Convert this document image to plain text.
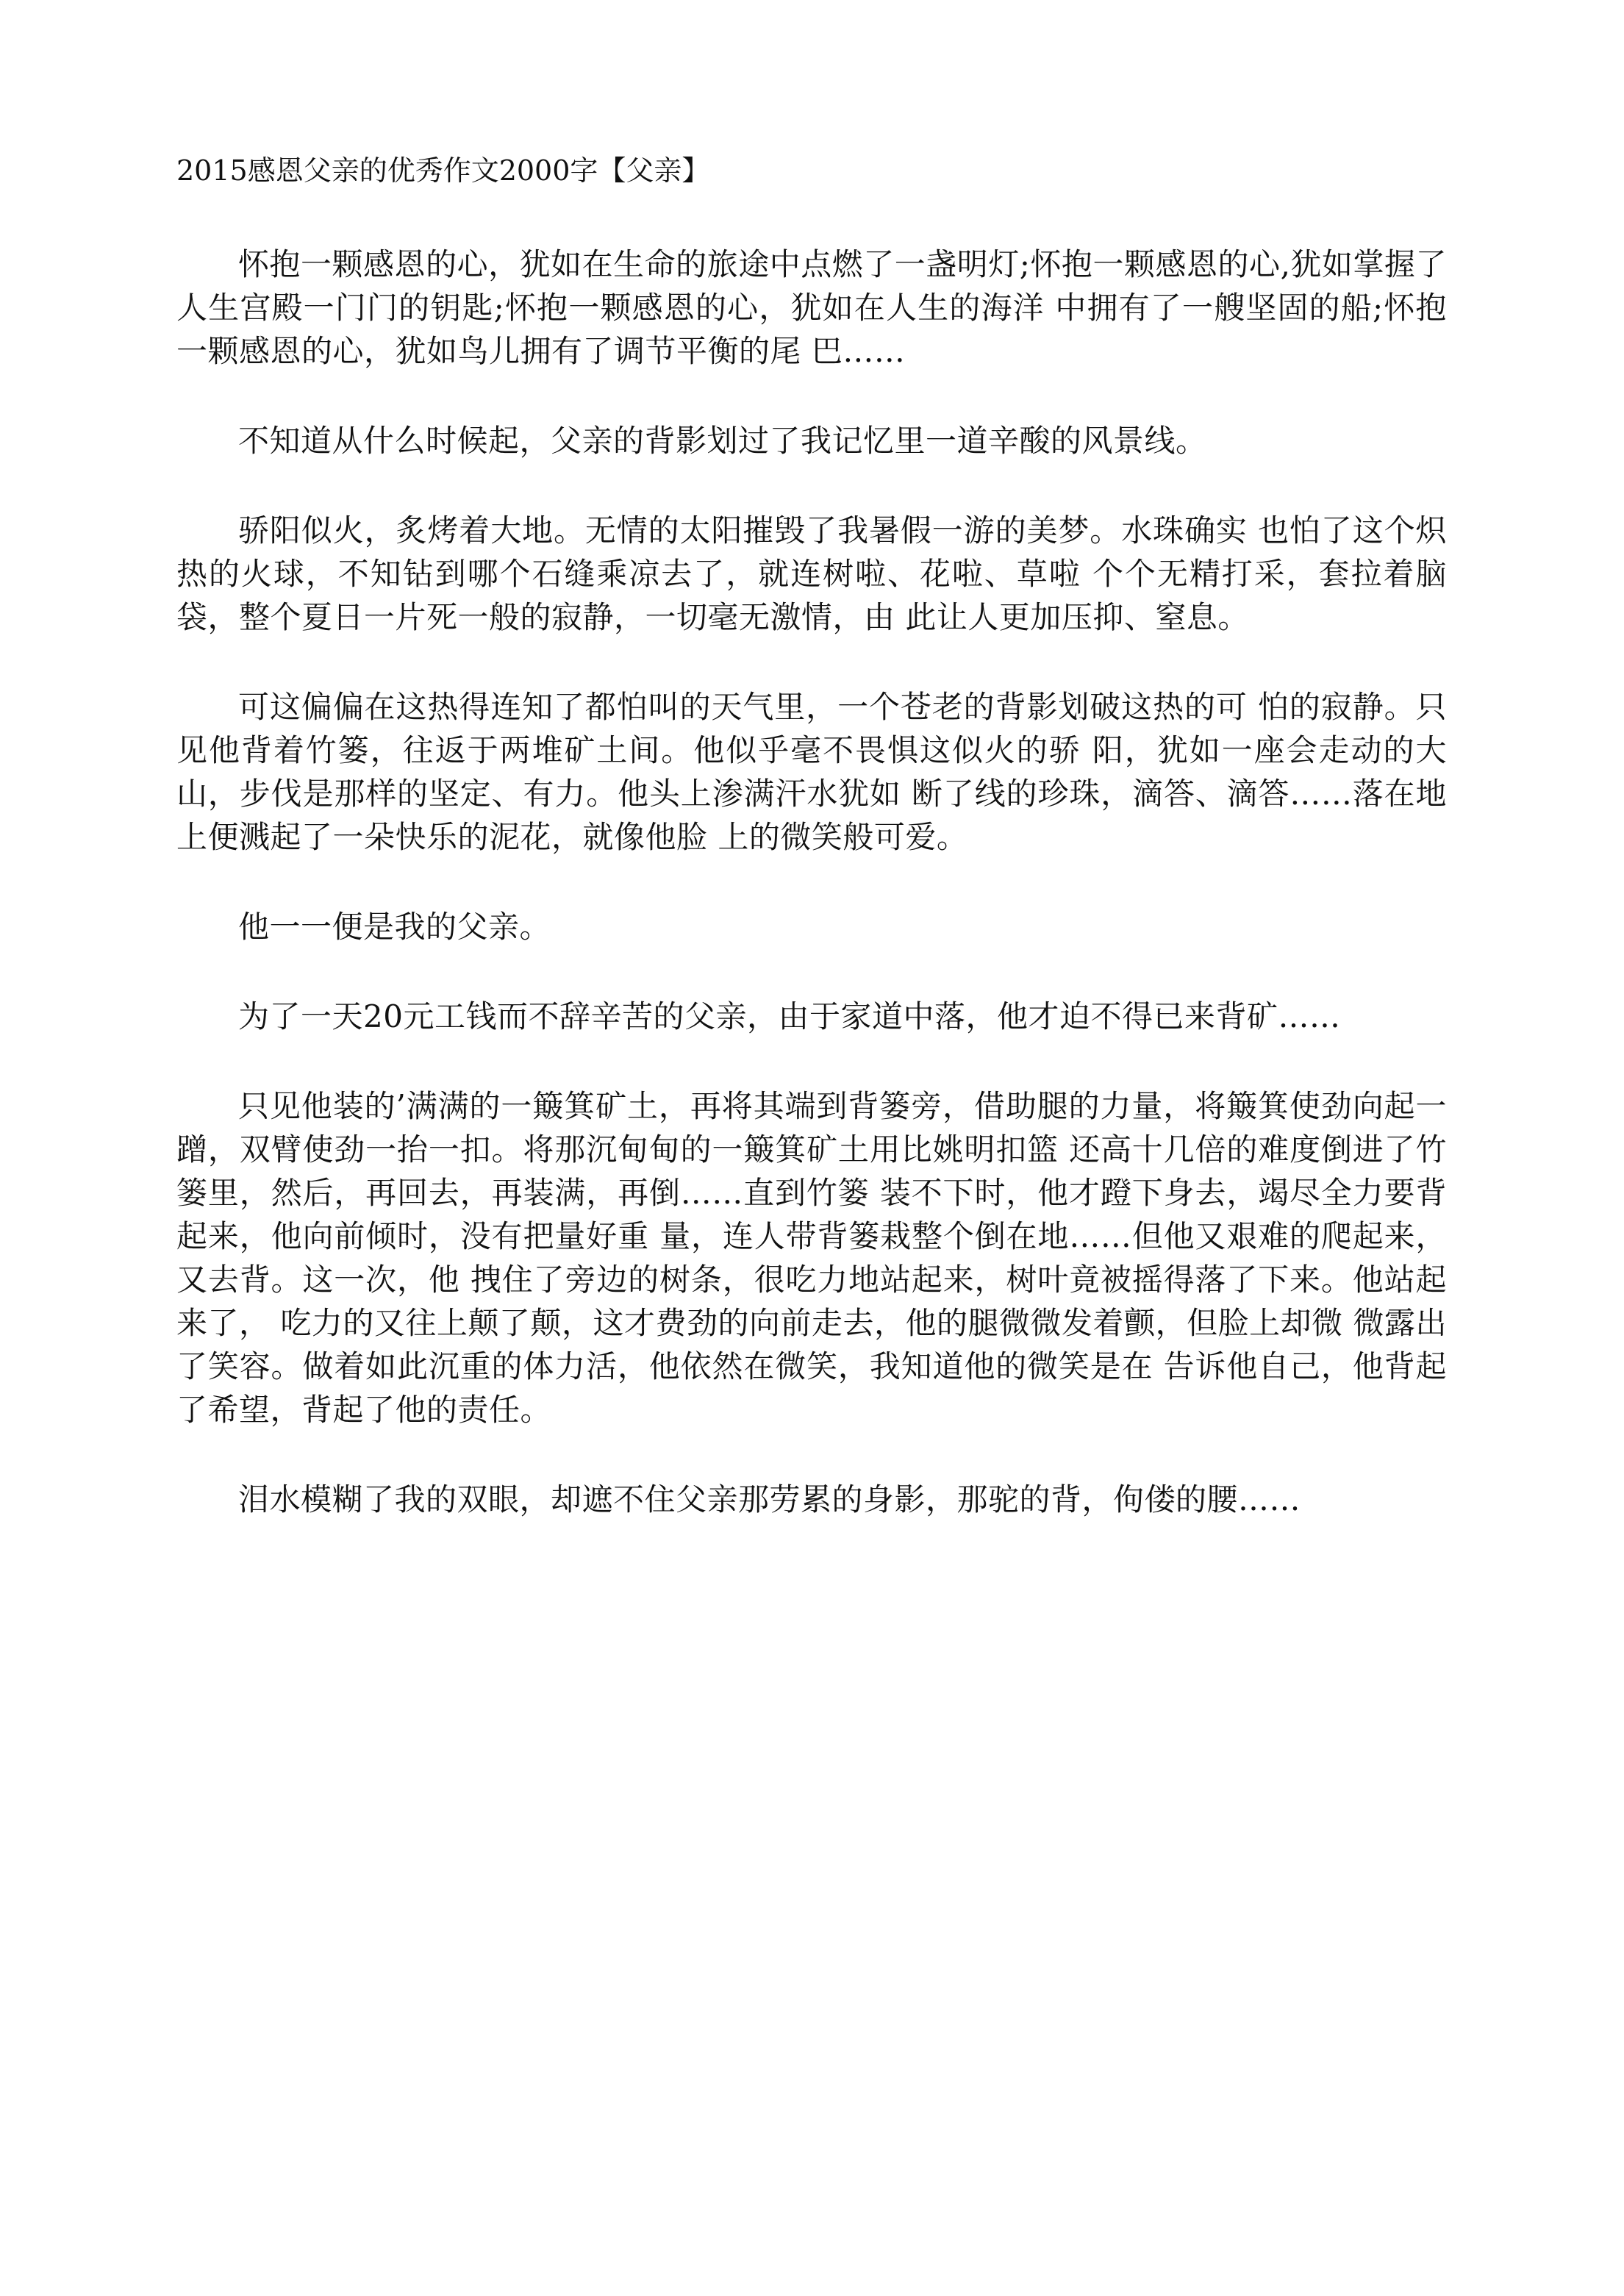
2015感恩父亲的优秀作文2000字【父亲】

怀抱一颗感恩的心，犹如在生命的旅途中点燃了一盏明灯;怀抱一颗感恩的心,犹如掌握了人生宫殿一门门的钥匙;怀抱一颗感恩的心，犹如在人生的海洋 中拥有了一艘坚固的船;怀抱一颗感恩的心，犹如鸟儿拥有了调节平衡的尾 巴……

不知道从什么时候起，父亲的背影划过了我记忆里一道辛酸的风景线。

骄阳似火，炙烤着大地。无情的太阳摧毁了我暑假一游的美梦。水珠确实 也怕了这个炽热的火球，不知钻到哪个石缝乘凉去了，就连树啦、花啦、草啦 个个无精打采，套拉着脑袋，整个夏日一片死一般的寂静，一切毫无激情，由 此让人更加压抑、窒息。

可这偏偏在这热得连知了都怕叫的天气里，一个苍老的背影划破这热的可 怕的寂静。只见他背着竹篓，往返于两堆矿土间。他似乎毫不畏惧这似火的骄 阳，犹如一座会走动的大山，步伐是那样的坚定、有力。他头上渗满汗水犹如 断了线的珍珠，滴答、滴答……落在地上便溅起了一朵快乐的泥花，就像他脸 上的微笑般可爱。

他一一便是我的父亲。

为了一天20元工钱而不辞辛苦的父亲，由于家道中落，他才迫不得已来背矿……

只见他装的’满满的一簸箕矿土，再将其端到背篓旁，借助腿的力量，将簸箕使劲向起一蹭，双臂使劲一抬一扣。将那沉甸甸的一簸箕矿土用比姚明扣篮 还高十几倍的难度倒进了竹篓里，然后，再回去，再装满，再倒……直到竹篓 装不下时，他才蹬下身去，竭尽全力要背起来，他向前倾时，没有把量好重 量，连人带背篓栽整个倒在地……但他又艰难的爬起来，又去背。这一次，他 拽住了旁边的树条，很吃力地站起来，树叶竟被摇得落了下来。他站起来了， 吃力的又往上颠了颠，这才费劲的向前走去，他的腿微微发着颤，但脸上却微 微露出了笑容。做着如此沉重的体力活，他依然在微笑，我知道他的微笑是在 告诉他自己，他背起了希望，背起了他的责任。

泪水模糊了我的双眼，却遮不住父亲那劳累的身影，那驼的背，佝偻的腰……
